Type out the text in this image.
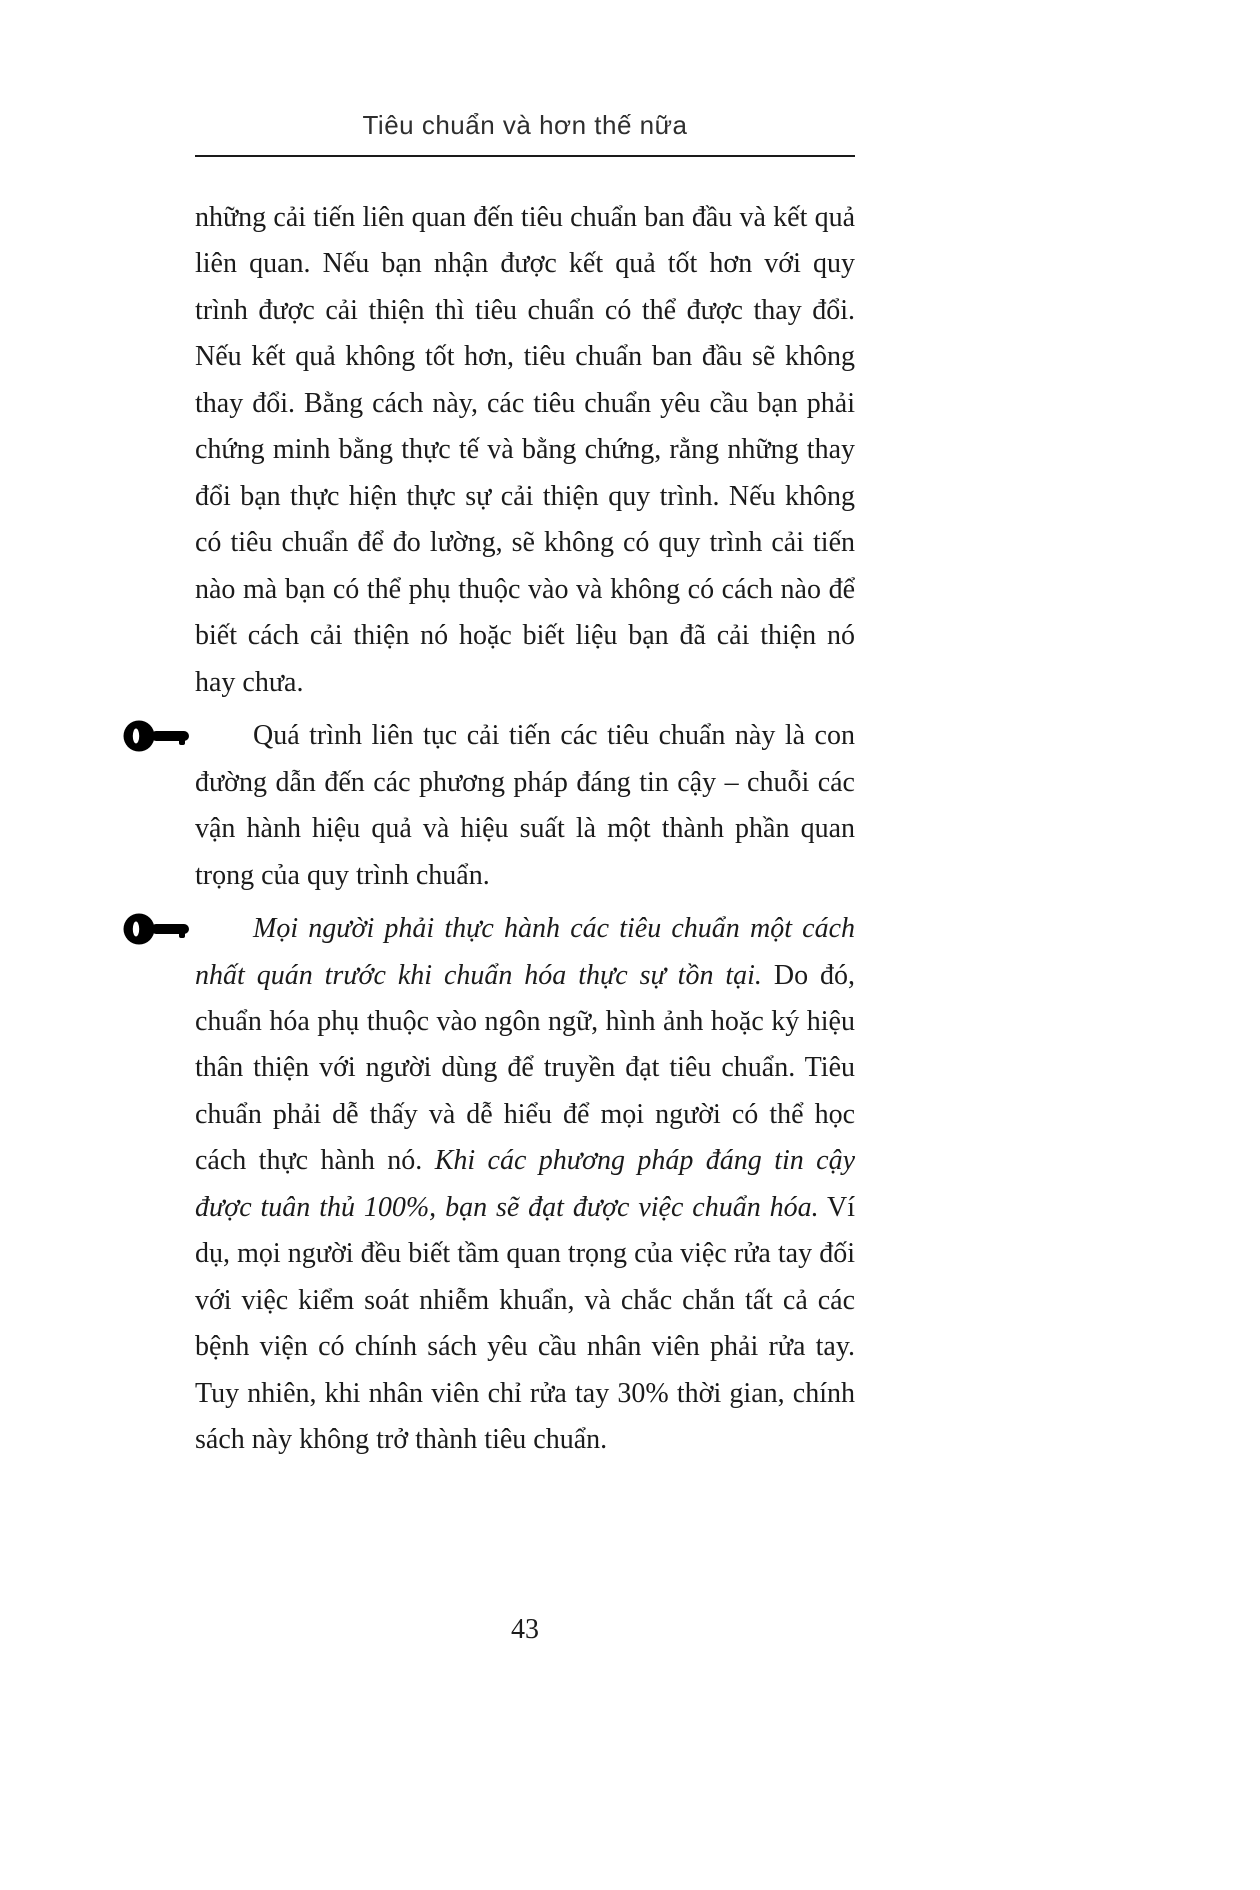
Tiêu chuẩn và hơn thế nữa
những cải tiến liên quan đến tiêu chuẩn ban đầu và kết quả liên quan. Nếu bạn nhận được kết quả tốt hơn với quy trình được cải thiện thì tiêu chuẩn có thể được thay đổi. Nếu kết quả không tốt hơn, tiêu chuẩn ban đầu sẽ không thay đổi. Bằng cách này, các tiêu chuẩn yêu cầu bạn phải chứng minh bằng thực tế và bằng chứng, rằng những thay đổi bạn thực hiện thực sự cải thiện quy trình. Nếu không có tiêu chuẩn để đo lường, sẽ không có quy trình cải tiến nào mà bạn có thể phụ thuộc vào và không có cách nào để biết cách cải thiện nó hoặc biết liệu bạn đã cải thiện nó hay chưa.
Quá trình liên tục cải tiến các tiêu chuẩn này là con đường dẫn đến các phương pháp đáng tin cậy – chuỗi các vận hành hiệu quả và hiệu suất là một thành phần quan trọng của quy trình chuẩn.
Mọi người phải thực hành các tiêu chuẩn một cách nhất quán trước khi chuẩn hóa thực sự tồn tại. Do đó, chuẩn hóa phụ thuộc vào ngôn ngữ, hình ảnh hoặc ký hiệu thân thiện với người dùng để truyền đạt tiêu chuẩn. Tiêu chuẩn phải dễ thấy và dễ hiểu để mọi người có thể học cách thực hành nó. Khi các phương pháp đáng tin cậy được tuân thủ 100%, bạn sẽ đạt được việc chuẩn hóa. Ví dụ, mọi người đều biết tầm quan trọng của việc rửa tay đối với việc kiểm soát nhiễm khuẩn, và chắc chắn tất cả các bệnh viện có chính sách yêu cầu nhân viên phải rửa tay. Tuy nhiên, khi nhân viên chỉ rửa tay 30% thời gian, chính sách này không trở thành tiêu chuẩn.
43
